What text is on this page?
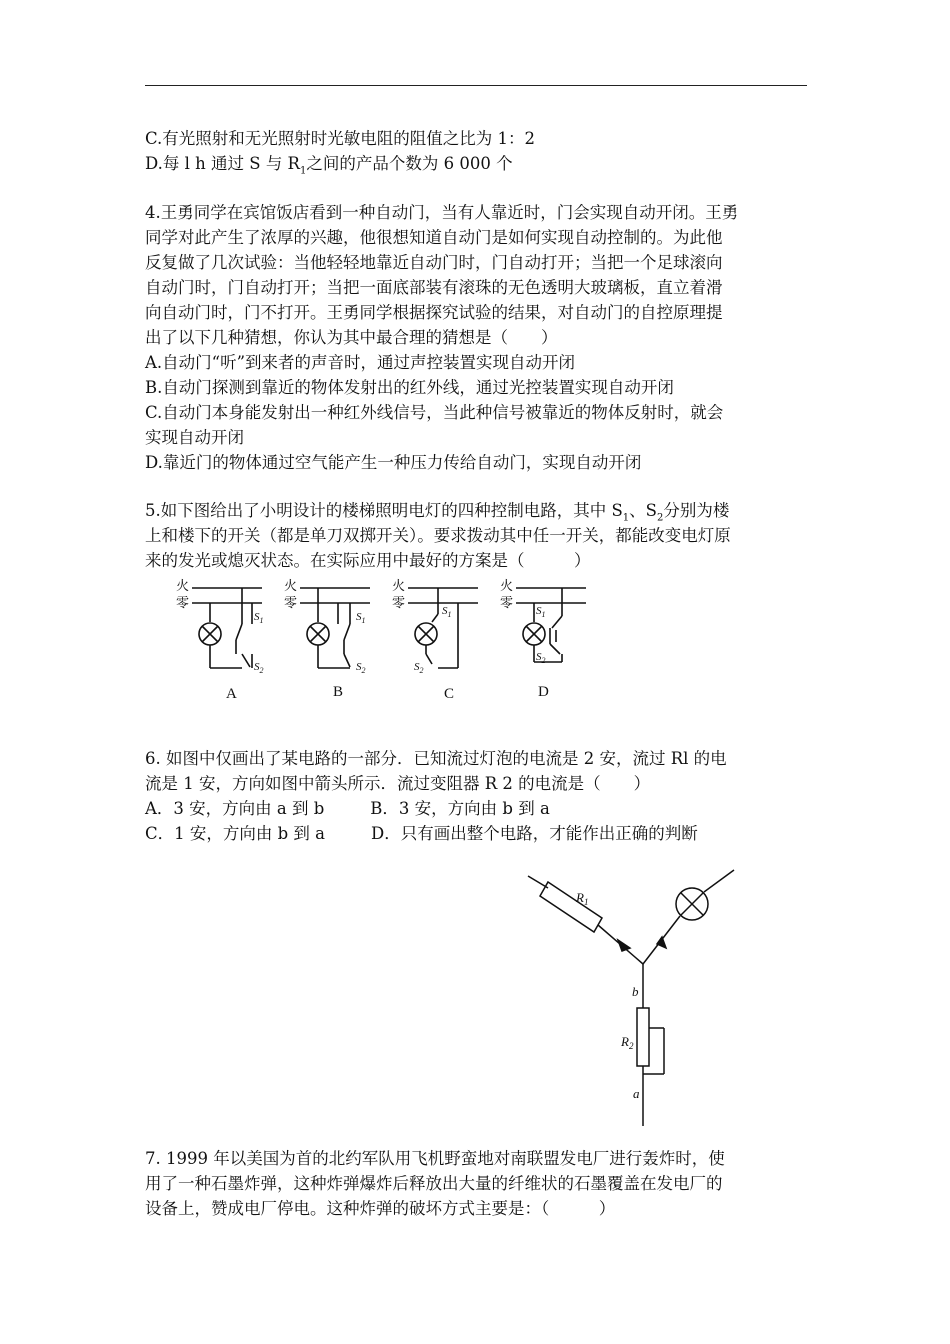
C.有光照射和无光照射时光敏电阻的阻值之比为 1：2

D.每 l h 通过 S 与 $R_1$之间的产品个数为 6 000 个

4.王勇同学在宾馆饭店看到一种自动门，当有人靠近时，门会实现自动开闭。王勇

同学对此产生了浓厚的兴趣，他很想知道自动门是如何实现自动控制的。为此他

反复做了几次试验：当他轻轻地靠近自动门时，门自动打开；当把一个足球滚向

自动门时，门自动打开；当把一面底部装有滚珠的无色透明大玻璃板，直立着滑

向自动门时，门不打开。王勇同学根据探究试验的结果，对自动门的自控原理提

出了以下几种猜想，你认为其中最合理的猜想是（　　）

A.自动门“听”到来者的声音时，通过声控装置实现自动开闭

B.自动门探测到靠近的物体发射出的红外线，通过光控装置实现自动开闭

C.自动门本身能发射出一种红外线信号，当此种信号被靠近的物体反射时，就会

实现自动开闭

D.靠近门的物体通过空气能产生一种压力传给自动门，实现自动开闭

5.如下图给出了小明设计的楼梯照明电灯的四种控制电路，其中 $S_1$、$S_2$分别为楼

上和楼下的开关（都是单刀双掷开关）。要求拨动其中任一开关，都能改变电灯原

来的发光或熄灭状态。在实际应用中最好的方案是（　　　）

火
零
火
零
火
零
火
零
$S_1$
$S_2$
$S_1$
$S_2$
$S_1$
$S_2$
$S_1$
$S_2$
A	B	C	D

6. 如图中仅画出了某电路的一部分．已知流过灯泡的电流是 2 安，流过 Rl 的电

流是 1 安，方向如图中箭头所示．流过变阻器 R 2 的电流是（　　）

A．3 安，方向由 a 到 b	B．3 安，方向由 b 到 a

C．1 安，方向由 b 到 a	D．只有画出整个电路，才能作出正确的判断

$R_1$
$R_2$
b
a

7. 1999 年以美国为首的北约军队用飞机野蛮地对南联盟发电厂进行轰炸时，使

用了一种石墨炸弹，这种炸弹爆炸后释放出大量的纤维状的石墨覆盖在发电厂的

设备上，赞成电厂停电。这种炸弹的破坏方式主要是：（　　　）
